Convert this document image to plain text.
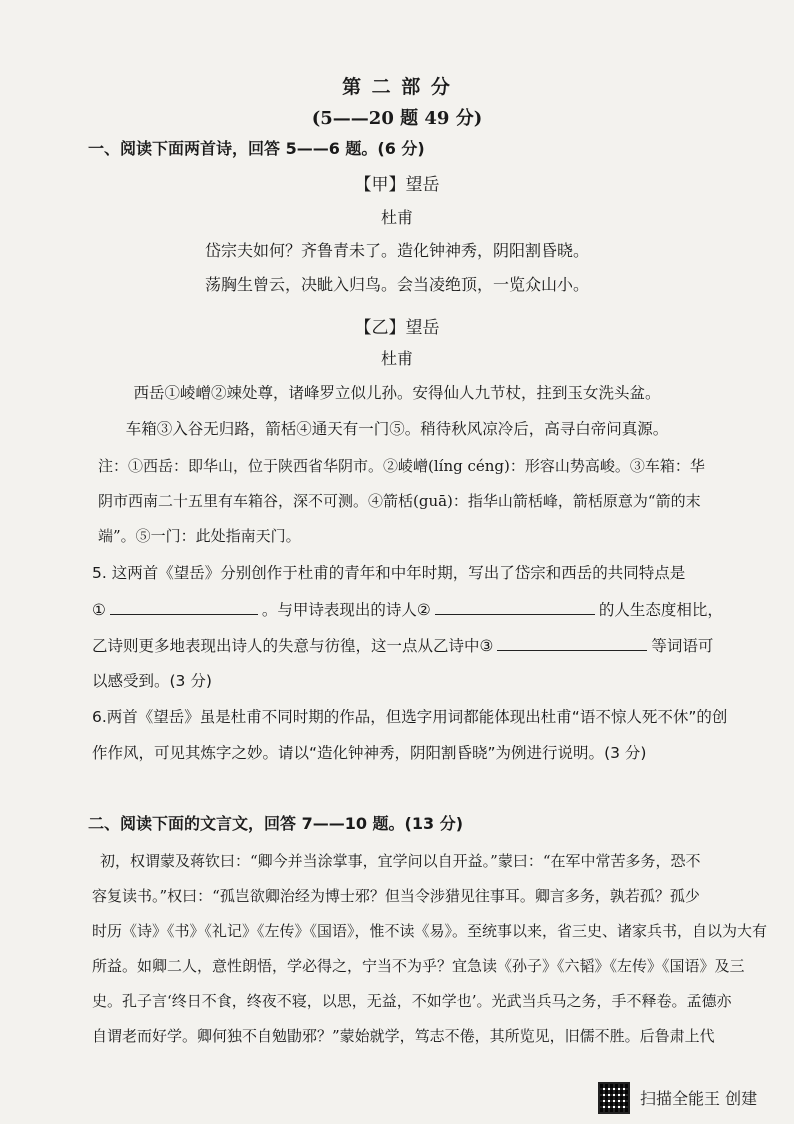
第 二 部 分
(5——20 题 49 分)
一、阅读下面两首诗，回答 5——6 题。(6 分)
【甲】望岳
杜甫
岱宗夫如何？齐鲁青未了。造化钟神秀，阴阳割昏晓。
荡胸生曾云，决眦入归鸟。会当凌绝顶，一览众山小。
【乙】望岳
杜甫
西岳①崚嶒②竦处尊，诸峰罗立似儿孙。安得仙人九节杖，拄到玉女洗头盆。
车箱③入谷无归路，箭栝④通天有一门⑤。稍待秋风凉冷后，高寻白帝问真源。
注：①西岳：即华山，位于陕西省华阴市。②崚嶒(líng céng)：形容山势高峻。③车箱：华
阴市西南二十五里有车箱谷，深不可测。④箭栝(guā)：指华山箭栝峰，箭栝原意为“箭的末
端”。⑤一门：此处指南天门。
5. 这两首《望岳》分别创作于杜甫的青年和中年时期，写出了岱宗和西岳的共同特点是
①	。与甲诗表现出的诗人②	的人生态度相比，
乙诗则更多地表现出诗人的失意与彷徨，这一点从乙诗中③	等词语可
以感受到。(3 分)
6.两首《望岳》虽是杜甫不同时期的作品，但选字用词都能体现出杜甫“语不惊人死不休”的创
作作风，可见其炼字之妙。请以“造化钟神秀，阴阳割昏晓”为例进行说明。(3 分)
二、阅读下面的文言文，回答 7——10 题。(13 分)
初，权谓蒙及蒋钦曰：“卿今并当涂掌事，宜学问以自开益。”蒙曰：“在军中常苦多务，恐不
容复读书。”权曰：“孤岂欲卿治经为博士邪？但当令涉猎见往事耳。卿言多务，孰若孤？孤少
时历《诗》《书》《礼记》《左传》《国语》，惟不读《易》。至统事以来，省三史、诸家兵书，自以为大有
所益。如卿二人，意性朗悟，学必得之，宁当不为乎？宜急读《孙子》《六韬》《左传》《国语》及三
史。孔子言‘终日不食，终夜不寝，以思，无益，不如学也’。光武当兵马之务，手不释卷。孟德亦
自谓老而好学。卿何独不自勉勖邪？”蒙始就学，笃志不倦，其所览见，旧儒不胜。后鲁肃上代
扫描全能王 创建
